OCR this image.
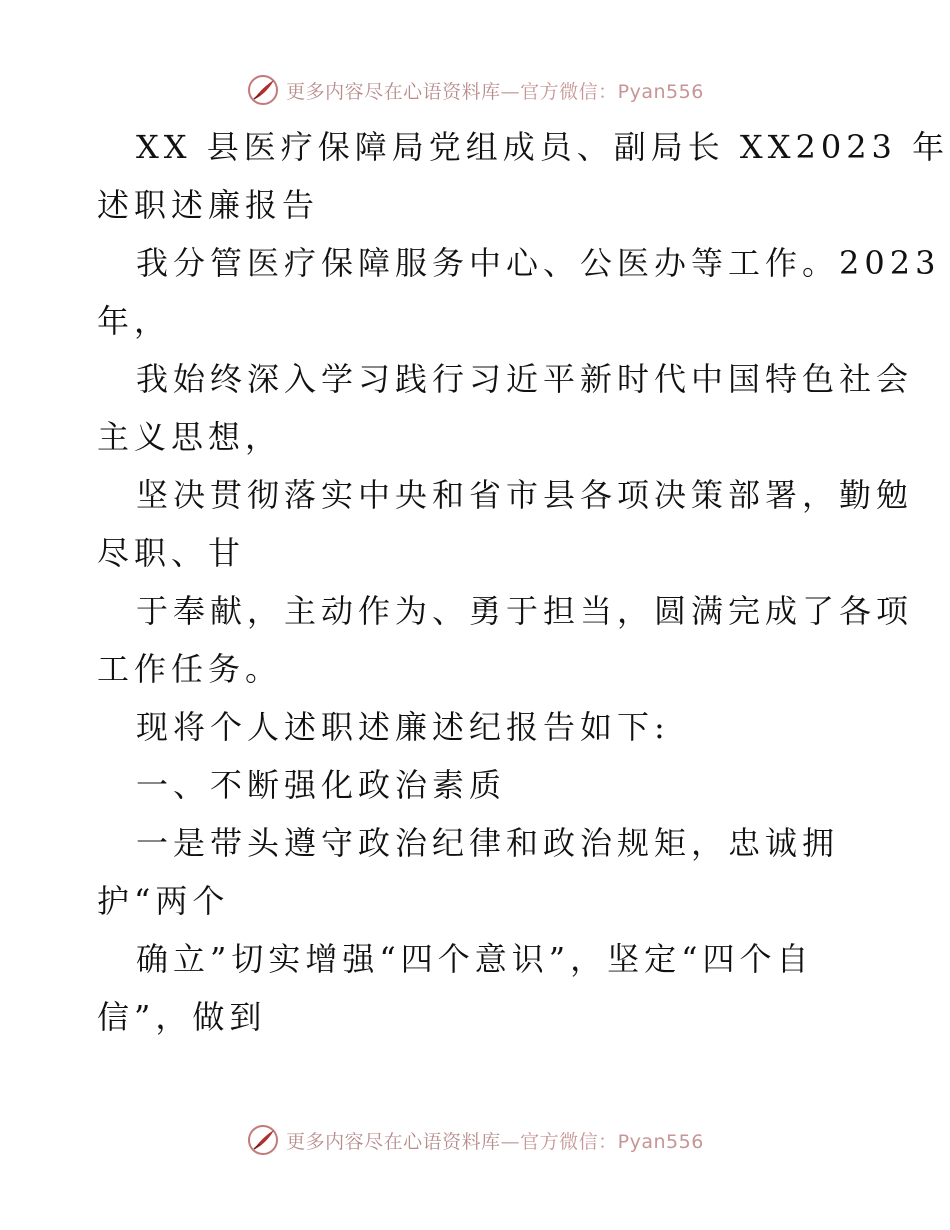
更多内容尽在心语资料库—官方微信：Pyan556
XX 县医疗保障局党组成员、副局长 XX2023 年
述职述廉报告
我分管医疗保障服务中心、公医办等工作。2023
年，
我始终深入学习践行习近平新时代中国特色社会
主义思想，
坚决贯彻落实中央和省市县各项决策部署，勤勉
尽职、甘
于奉献，主动作为、勇于担当，圆满完成了各项
工作任务。
现将个人述职述廉述纪报告如下:
一、不断强化政治素质
一是带头遵守政治纪律和政治规矩，忠诚拥
护“两个
确立”切实增强“四个意识”，坚定“四个自
信”，做到
更多内容尽在心语资料库—官方微信：Pyan556
